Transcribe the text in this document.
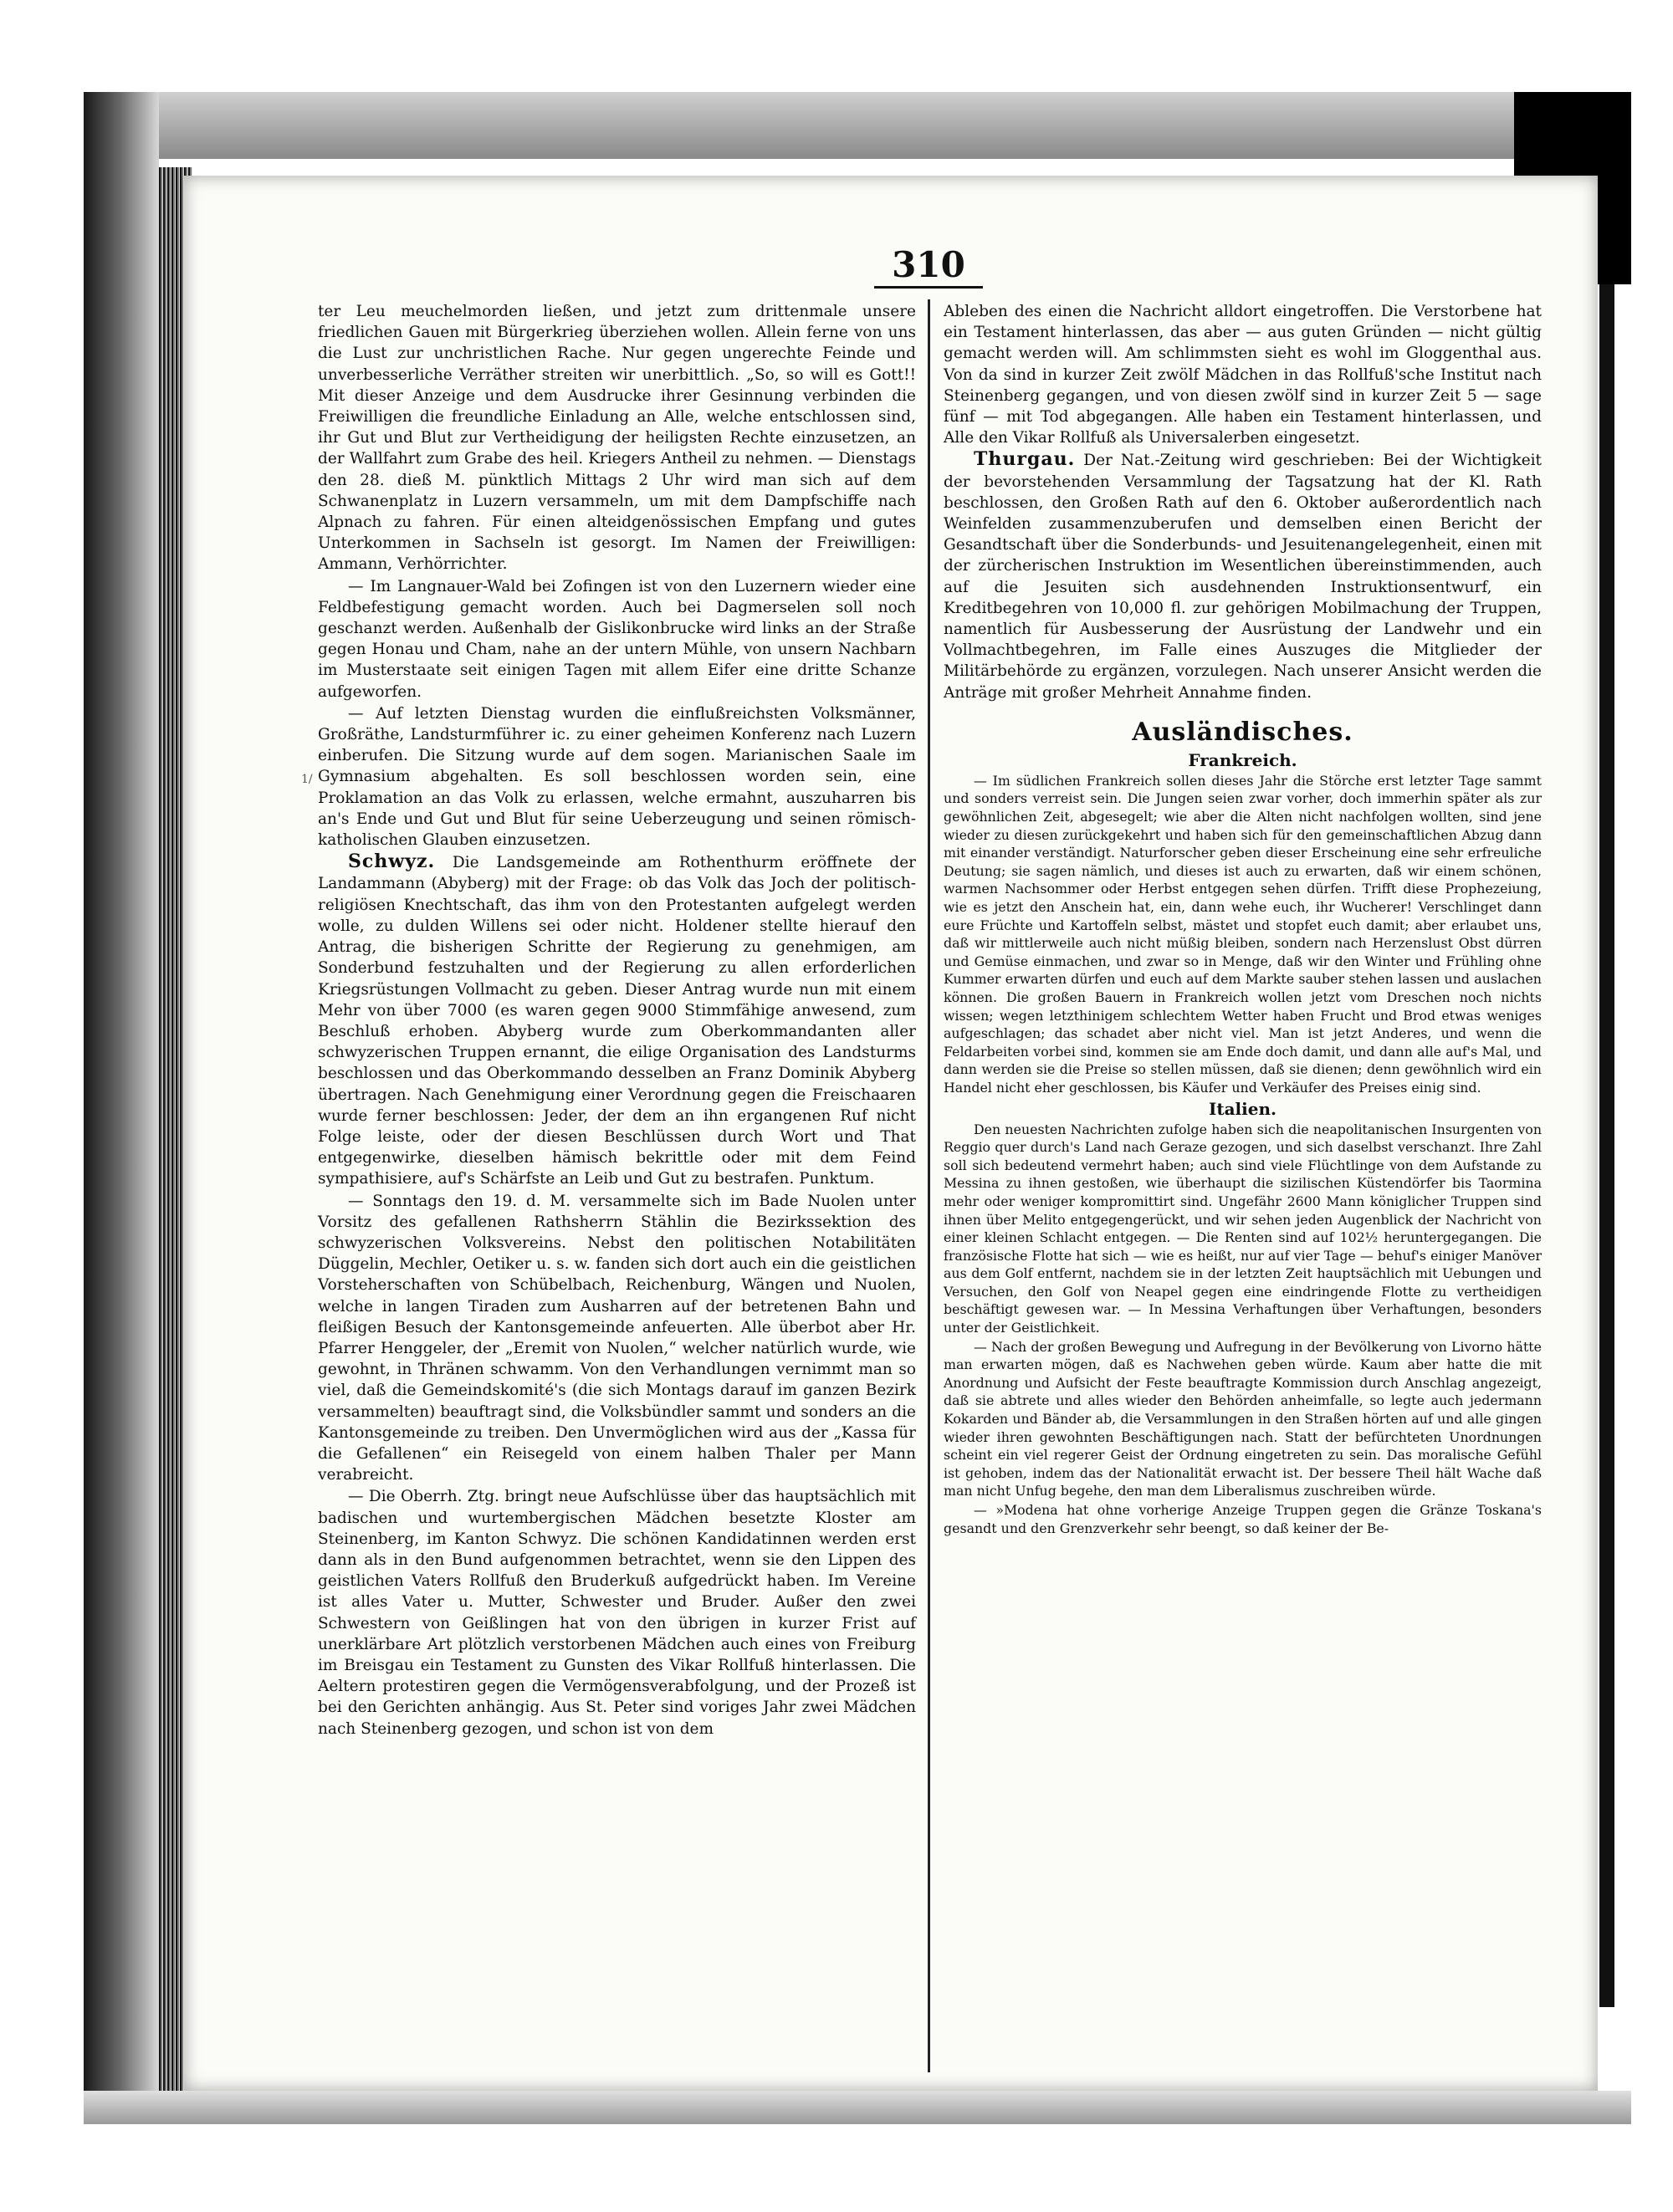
310
1/

ter Leu meuchelmorden ließen, und jetzt zum drittenmale unsere friedlichen Gauen mit Bürgerkrieg überziehen wollen. Allein ferne von uns die Lust zur unchristlichen Rache. Nur gegen ungerechte Feinde und unverbesserliche Verräther streiten wir unerbittlich. „So, so will es Gott!! Mit dieser Anzeige und dem Ausdrucke ihrer Gesinnung verbinden die Freiwilligen die freundliche Einladung an Alle, welche entschlossen sind, ihr Gut und Blut zur Vertheidigung der heiligsten Rechte einzusetzen, an der Wallfahrt zum Grabe des heil. Kriegers Antheil zu nehmen. — Dienstags den 28. dieß M. pünktlich Mittags 2 Uhr wird man sich auf dem Schwanenplatz in Luzern versammeln, um mit dem Dampfschiffe nach Alpnach zu fahren. Für einen alteidgenössischen Empfang und gutes Unterkommen in Sachseln ist gesorgt. Im Namen der Freiwilligen: Ammann, Verhörrichter.

— Im Langnauer-Wald bei Zofingen ist von den Luzernern wieder eine Feldbefestigung gemacht worden. Auch bei Dagmerselen soll noch geschanzt werden. Außenhalb der Gislikonbrucke wird links an der Straße gegen Honau und Cham, nahe an der untern Mühle, von unsern Nachbarn im Musterstaate seit einigen Tagen mit allem Eifer eine dritte Schanze aufgeworfen.

— Auf letzten Dienstag wurden die einflußreichsten Volksmänner, Großräthe, Landsturmführer ic. zu einer geheimen Konferenz nach Luzern einberufen. Die Sitzung wurde auf dem sogen. Marianischen Saale im Gymnasium abgehalten. Es soll beschlossen worden sein, eine Proklamation an das Volk zu erlassen, welche ermahnt, auszuharren bis an's Ende und Gut und Blut für seine Ueberzeugung und seinen römisch-katholischen Glauben einzusetzen.

Schwyz. Die Landsgemeinde am Rothenthurm eröffnete der Landammann (Abyberg) mit der Frage: ob das Volk das Joch der politisch-religiösen Knechtschaft, das ihm von den Protestanten aufgelegt werden wolle, zu dulden Willens sei oder nicht. Holdener stellte hierauf den Antrag, die bisherigen Schritte der Regierung zu genehmigen, am Sonderbund festzuhalten und der Regierung zu allen erforderlichen Kriegsrüstungen Vollmacht zu geben. Dieser Antrag wurde nun mit einem Mehr von über 7000 (es waren gegen 9000 Stimmfähige anwesend, zum Beschluß erhoben. Abyberg wurde zum Oberkommandanten aller schwyzerischen Truppen ernannt, die eilige Organisation des Landsturms beschlossen und das Oberkommando desselben an Franz Dominik Abyberg übertragen. Nach Genehmigung einer Verordnung gegen die Freischaaren wurde ferner beschlossen: Jeder, der dem an ihn ergangenen Ruf nicht Folge leiste, oder der diesen Beschlüssen durch Wort und That entgegenwirke, dieselben hämisch bekrittle oder mit dem Feind sympathisiere, auf's Schärfste an Leib und Gut zu bestrafen. Punktum.

— Sonntags den 19. d. M. versammelte sich im Bade Nuolen unter Vorsitz des gefallenen Rathsherrn Stählin die Bezirkssektion des schwyzerischen Volksvereins. Nebst den politischen Notabilitäten Düggelin, Mechler, Oetiker u. s. w. fanden sich dort auch ein die geistlichen Vorsteherschaften von Schübelbach, Reichenburg, Wängen und Nuolen, welche in langen Tiraden zum Ausharren auf der betretenen Bahn und fleißigen Besuch der Kantonsgemeinde anfeuerten. Alle überbot aber Hr. Pfarrer Henggeler, der „Eremit von Nuolen,“ welcher natürlich wurde, wie gewohnt, in Thränen schwamm. Von den Verhandlungen vernimmt man so viel, daß die Gemeindskomité's (die sich Montags darauf im ganzen Bezirk versammelten) beauftragt sind, die Volksbündler sammt und sonders an die Kantonsgemeinde zu treiben. Den Unvermöglichen wird aus der „Kassa für die Gefallenen“ ein Reisegeld von einem halben Thaler per Mann verabreicht.

— Die Oberrh. Ztg. bringt neue Aufschlüsse über das hauptsächlich mit badischen und wurtembergischen Mädchen besetzte Kloster am Steinenberg, im Kanton Schwyz. Die schönen Kandidatinnen werden erst dann als in den Bund aufgenommen betrachtet, wenn sie den Lippen des geistlichen Vaters Rollfuß den Bruderkuß aufgedrückt haben. Im Vereine ist alles Vater u. Mutter, Schwester und Bruder. Außer den zwei Schwestern von Geißlingen hat von den übrigen in kurzer Frist auf unerklärbare Art plötzlich verstorbenen Mädchen auch eines von Freiburg im Breisgau ein Testament zu Gunsten des Vikar Rollfuß hinterlassen. Die Aeltern protestiren gegen die Vermögensverabfolgung, und der Prozeß ist bei den Gerichten anhängig. Aus St. Peter sind voriges Jahr zwei Mädchen nach Steinenberg gezogen, und schon ist von dem

Ableben des einen die Nachricht alldort eingetroffen. Die Verstorbene hat ein Testament hinterlassen, das aber — aus guten Gründen — nicht gültig gemacht werden will. Am schlimmsten sieht es wohl im Gloggenthal aus. Von da sind in kurzer Zeit zwölf Mädchen in das Rollfuß'sche Institut nach Steinenberg gegangen, und von diesen zwölf sind in kurzer Zeit 5 — sage fünf — mit Tod abgegangen. Alle haben ein Testament hinterlassen, und Alle den Vikar Rollfuß als Universalerben eingesetzt.

Thurgau. Der Nat.-Zeitung wird geschrieben: Bei der Wichtigkeit der bevorstehenden Versammlung der Tagsatzung hat der Kl. Rath beschlossen, den Großen Rath auf den 6. Oktober außerordentlich nach Weinfelden zusammenzuberufen und demselben einen Bericht der Gesandtschaft über die Sonderbunds- und Jesuitenangelegenheit, einen mit der zürcherischen Instruktion im Wesentlichen übereinstimmenden, auch auf die Jesuiten sich ausdehnenden Instruktionsentwurf, ein Kreditbegehren von 10,000 fl. zur gehörigen Mobilmachung der Truppen, namentlich für Ausbesserung der Ausrüstung der Landwehr und ein Vollmachtbegehren, im Falle eines Auszuges die Mitglieder der Militärbehörde zu ergänzen, vorzulegen. Nach unserer Ansicht werden die Anträge mit großer Mehrheit Annahme finden.

Ausländisches.
Frankreich.

— Im südlichen Frankreich sollen dieses Jahr die Störche erst letzter Tage sammt und sonders verreist sein. Die Jungen seien zwar vorher, doch immerhin später als zur gewöhnlichen Zeit, abgesegelt; wie aber die Alten nicht nachfolgen wollten, sind jene wieder zu diesen zurückgekehrt und haben sich für den gemeinschaftlichen Abzug dann mit einander verständigt. Naturforscher geben dieser Erscheinung eine sehr erfreuliche Deutung; sie sagen nämlich, und dieses ist auch zu erwarten, daß wir einem schönen, warmen Nachsommer oder Herbst entgegen sehen dürfen. Trifft diese Prophezeiung, wie es jetzt den Anschein hat, ein, dann wehe euch, ihr Wucherer! Verschlinget dann eure Früchte und Kartoffeln selbst, mästet und stopfet euch damit; aber erlaubet uns, daß wir mittlerweile auch nicht müßig bleiben, sondern nach Herzenslust Obst dürren und Gemüse einmachen, und zwar so in Menge, daß wir den Winter und Frühling ohne Kummer erwarten dürfen und euch auf dem Markte sauber stehen lassen und auslachen können. Die großen Bauern in Frankreich wollen jetzt vom Dreschen noch nichts wissen; wegen letzthinigem schlechtem Wetter haben Frucht und Brod etwas weniges aufgeschlagen; das schadet aber nicht viel. Man ist jetzt Anderes, und wenn die Feldarbeiten vorbei sind, kommen sie am Ende doch damit, und dann alle auf's Mal, und dann werden sie die Preise so stellen müssen, daß sie dienen; denn gewöhnlich wird ein Handel nicht eher geschlossen, bis Käufer und Verkäufer des Preises einig sind.

Italien.

Den neuesten Nachrichten zufolge haben sich die neapolitanischen Insurgenten von Reggio quer durch's Land nach Geraze gezogen, und sich daselbst verschanzt. Ihre Zahl soll sich bedeutend vermehrt haben; auch sind viele Flüchtlinge von dem Aufstande zu Messina zu ihnen gestoßen, wie überhaupt die sizilischen Küstendörfer bis Taormina mehr oder weniger kompromittirt sind. Ungefähr 2600 Mann königlicher Truppen sind ihnen über Melito entgegengerückt, und wir sehen jeden Augenblick der Nachricht von einer kleinen Schlacht entgegen. — Die Renten sind auf 102½ heruntergegangen. Die französische Flotte hat sich — wie es heißt, nur auf vier Tage — behuf's einiger Manöver aus dem Golf entfernt, nachdem sie in der letzten Zeit hauptsächlich mit Uebungen und Versuchen, den Golf von Neapel gegen eine eindringende Flotte zu vertheidigen beschäftigt gewesen war. — In Messina Verhaftungen über Verhaftungen, besonders unter der Geistlichkeit.

— Nach der großen Bewegung und Aufregung in der Bevölkerung von Livorno hätte man erwarten mögen, daß es Nachwehen geben würde. Kaum aber hatte die mit Anordnung und Aufsicht der Feste beauftragte Kommission durch Anschlag angezeigt, daß sie abtrete und alles wieder den Behörden anheimfalle, so legte auch jedermann Kokarden und Bänder ab, die Versammlungen in den Straßen hörten auf und alle gingen wieder ihren gewohnten Beschäftigungen nach. Statt der befürchteten Unordnungen scheint ein viel regerer Geist der Ordnung eingetreten zu sein. Das moralische Gefühl ist gehoben, indem das der Nationalität erwacht ist. Der bessere Theil hält Wache daß man nicht Unfug begehe, den man dem Liberalismus zuschreiben würde.

— »Modena hat ohne vorherige Anzeige Truppen gegen die Gränze Toskana's gesandt und den Grenzverkehr sehr beengt, so daß keiner der Be-
